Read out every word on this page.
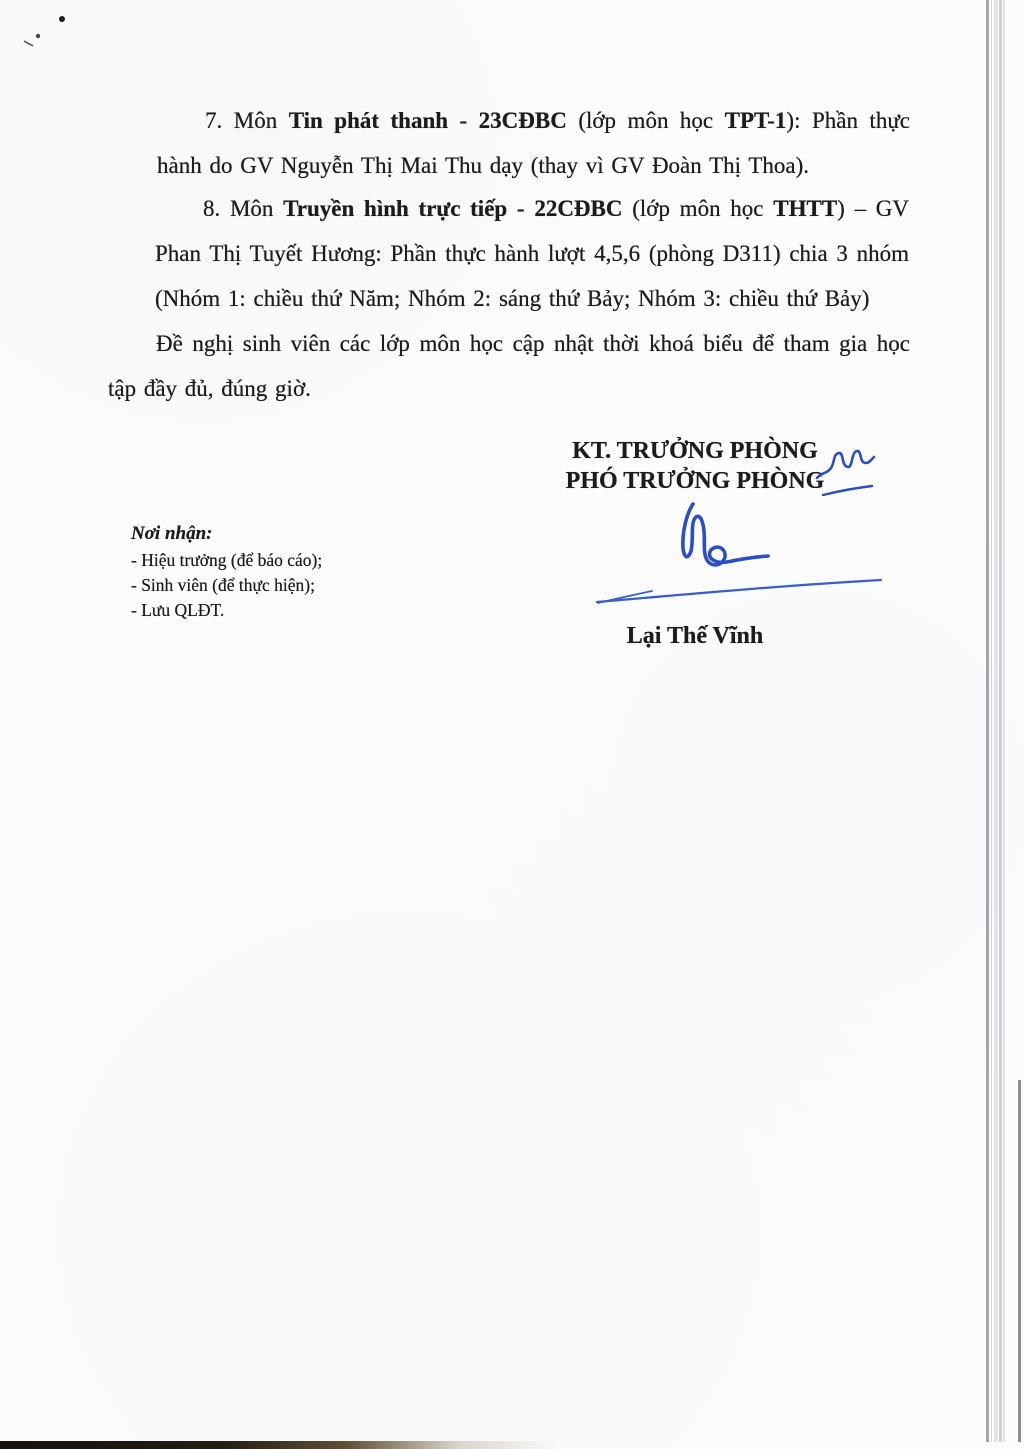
7. Môn Tin phát thanh - 23CĐBC (lớp môn học TPT-1): Phần thực
hành do GV Nguyễn Thị Mai Thu dạy (thay vì GV Đoàn Thị Thoa).
8. Môn Truyền hình trực tiếp - 22CĐBC (lớp môn học THTT) – GV
Phan Thị Tuyết Hương: Phần thực hành lượt 4,5,6 (phòng D311) chia 3 nhóm
(Nhóm 1: chiều thứ Năm; Nhóm 2: sáng thứ Bảy; Nhóm 3: chiều thứ Bảy)
Đề nghị sinh viên các lớp môn học cập nhật thời khoá biểu để tham gia học
tập đầy đủ, đúng giờ.
KT. TRƯỞNG PHÒNG
PHÓ TRƯỞNG PHÒNG
Lại Thế Vĩnh
Nơi nhận:
- Hiệu trưởng (để báo cáo);
- Sinh viên (để thực hiện);
- Lưu QLĐT.
